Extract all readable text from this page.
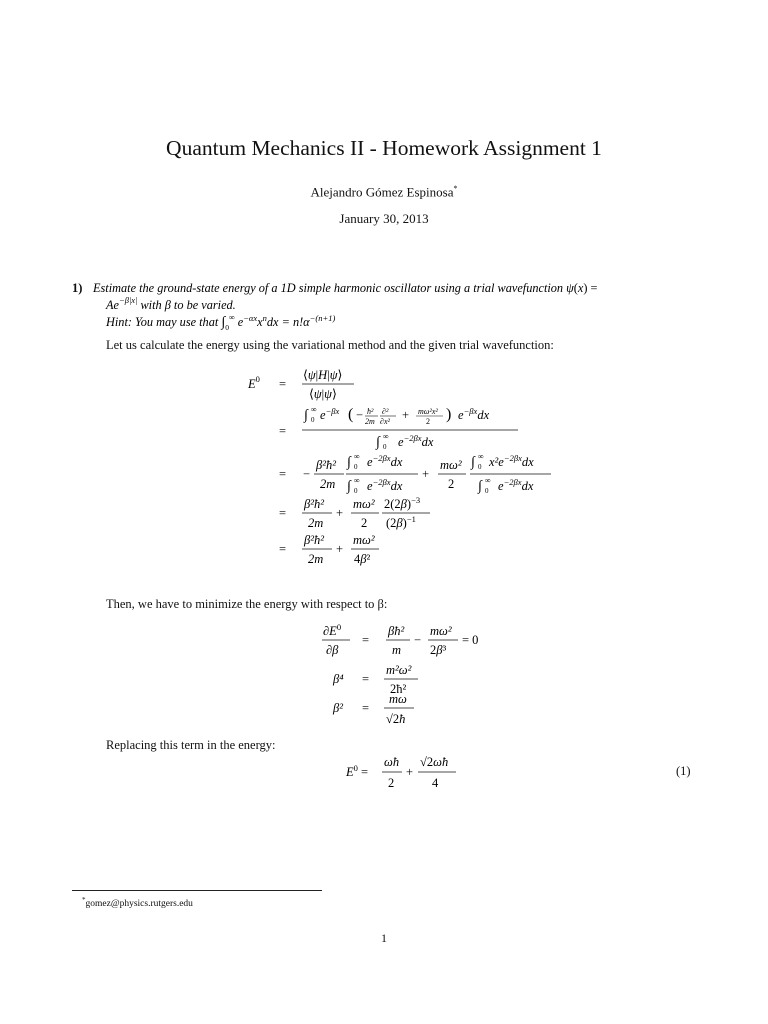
Quantum Mechanics II - Homework Assignment 1
Alejandro Gómez Espinosa*
January 30, 2013
1) Estimate the ground-state energy of a 1D simple harmonic oscillator using a trial wavefunction ψ(x) =
$Ae^{-\beta|x|}$ with β to be varied.
Hint: You may use that $\int_0^\infty$ $e^{-\alpha x}x^ndx = n!\alpha^{-(n+1)}$
Let us calculate the energy using the variational method and the given trial wavefunction:
$E^0$ =
⟨ψ|H|ψ⟩
⟨ψ|ψ⟩
=
∫ 0
∞ $e^{-\beta x}$ ( − ħ²
2m
∂²
∂x² + mω²x²
2 ) $e^{-\beta x}dx$
∫ 0
∞ $e^{-2\beta x}dx$
= −
β²ħ²
2m
∫ 0
∞ $e^{-2\beta x}dx$
∫ 0
∞ $e^{-2\beta x}dx$
+
mω²
2
∫ 0
∞ $x^2e^{-2\beta x}dx$
∫ 0
∞ $e^{-2\beta x}dx$
=
β²ħ²
2m
+
mω²
2
$2(2\beta)^{-3}$
$(2\beta)^{-1}$
=
β²ħ²
2m
+
mω²
4β²
Then, we have to minimize the energy with respect to β:
$\partial E^0$
∂β
=
βħ²
m
−
mω²
2β³
= 0
β⁴ =
m²ω²
2ħ²
β² =
mω
√2ħ
Replacing this term in the energy:
$E^0$ =
ωħ
2
+
√2ωħ
4
(1)
*gomez@physics.rutgers.edu
1
